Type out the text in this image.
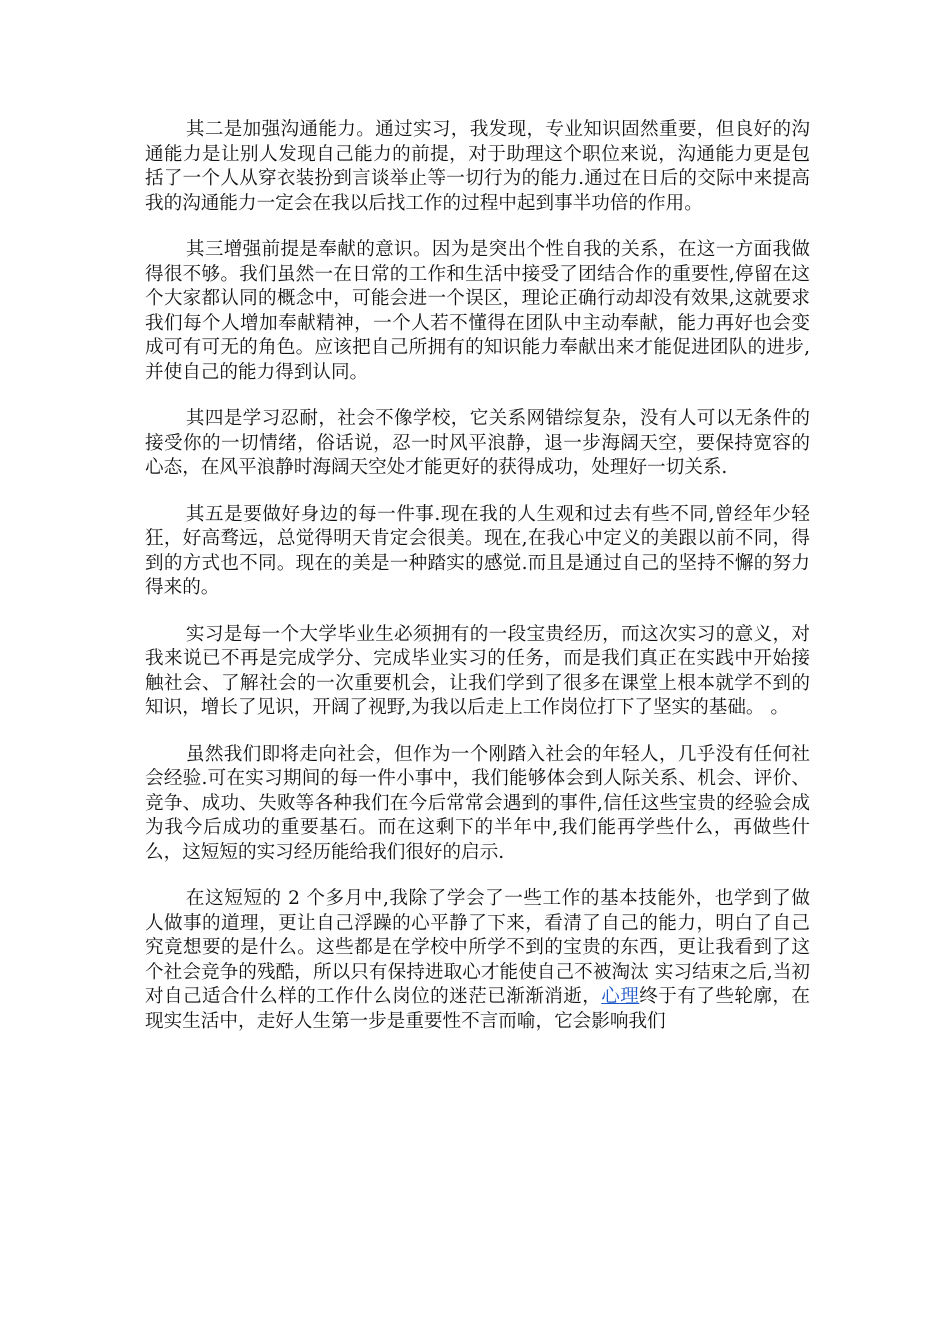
其二是加强沟通能力。通过实习，我发现，专业知识固然重要，但良好的沟通能力是让别人发现自己能力的前提，对于助理这个职位来说，沟通能力更是包括了一个人从穿衣装扮到言谈举止等一切行为的能力.通过在日后的交际中来提高我的沟通能力一定会在我以后找工作的过程中起到事半功倍的作用。

其三增强前提是奉献的意识。因为是突出个性自我的关系，在这一方面我做得很不够。我们虽然一在日常的工作和生活中接受了团结合作的重要性,停留在这个大家都认同的概念中，可能会进一个误区，理论正确行动却没有效果,这就要求我们每个人增加奉献精神，一个人若不懂得在团队中主动奉献，能力再好也会变成可有可无的角色。应该把自己所拥有的知识能力奉献出来才能促进团队的进步,并使自己的能力得到认同。

其四是学习忍耐，社会不像学校，它关系网错综复杂，没有人可以无条件的接受你的一切情绪，俗话说，忍一时风平浪静，退一步海阔天空，要保持宽容的心态，在风平浪静时海阔天空处才能更好的获得成功，处理好一切关系.

其五是要做好身边的每一件事.现在我的人生观和过去有些不同,曾经年少轻狂，好高骛远，总觉得明天肯定会很美。现在,在我心中定义的美跟以前不同，得到的方式也不同。现在的美是一种踏实的感觉.而且是通过自己的坚持不懈的努力得来的。

实习是每一个大学毕业生必须拥有的一段宝贵经历，而这次实习的意义，对我来说已不再是完成学分、完成毕业实习的任务，而是我们真正在实践中开始接触社会、了解社会的一次重要机会，让我们学到了很多在课堂上根本就学不到的知识，增长了见识，开阔了视野,为我以后走上工作岗位打下了坚实的基础。 。

虽然我们即将走向社会，但作为一个刚踏入社会的年轻人，几乎没有任何社会经验.可在实习期间的每一件小事中，我们能够体会到人际关系、机会、评价、竞争、成功、失败等各种我们在今后常常会遇到的事件,信任这些宝贵的经验会成为我今后成功的重要基石。而在这剩下的半年中,我们能再学些什么，再做些什么，这短短的实习经历能给我们很好的启示.

在这短短的 2 个多月中,我除了学会了一些工作的基本技能外，也学到了做人做事的道理，更让自己浮躁的心平静了下来，看清了自己的能力，明白了自己究竟想要的是什么。这些都是在学校中所学不到的宝贵的东西，更让我看到了这个社会竞争的残酷，所以只有保持进取心才能使自己不被淘汰 实习结束之后,当初对自己适合什么样的工作什么岗位的迷茫已渐渐消逝，心理终于有了些轮廓，在现实生活中，走好人生第一步是重要性不言而喻，它会影响我们
